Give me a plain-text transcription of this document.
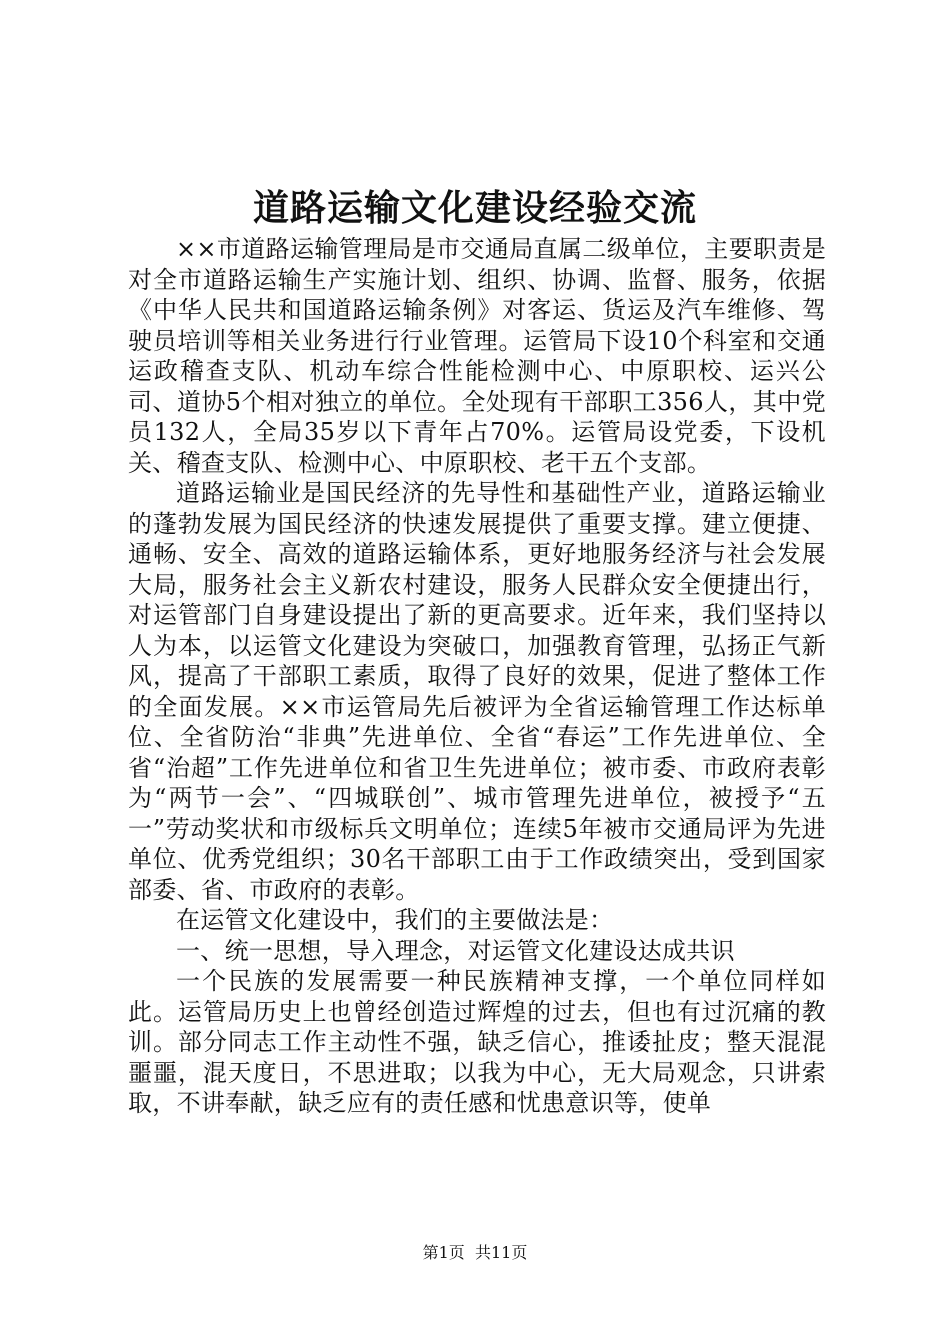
道路运输文化建设经验交流

××市道路运输管理局是市交通局直属二级单位，主要职责是对全市道路运输生产实施计划、组织、协调、监督、服务，依据《中华人民共和国道路运输条例》对客运、货运及汽车维修、驾驶员培训等相关业务进行行业管理。运管局下设10个科室和交通运政稽查支队、机动车综合性能检测中心、中原职校、运兴公司、道协5个相对独立的单位。全处现有干部职工356人，其中党员132人，全局35岁以下青年占70%。运管局设党委，下设机关、稽查支队、检测中心、中原职校、老干五个支部。

道路运输业是国民经济的先导性和基础性产业，道路运输业的蓬勃发展为国民经济的快速发展提供了重要支撑。建立便捷、通畅、安全、高效的道路运输体系，更好地服务经济与社会发展大局，服务社会主义新农村建设，服务人民群众安全便捷出行，对运管部门自身建设提出了新的更高要求。近年来，我们坚持以人为本，以运管文化建设为突破口，加强教育管理，弘扬正气新风，提高了干部职工素质，取得了良好的效果，促进了整体工作的全面发展。××市运管局先后被评为全省运输管理工作达标单位、全省防治“非典”先进单位、全省“春运”工作先进单位、全省“治超”工作先进单位和省卫生先进单位；被市委、市政府表彰为“两节一会”、“四城联创”、城市管理先进单位，被授予“五一”劳动奖状和市级标兵文明单位；连续5年被市交通局评为先进单位、优秀党组织；30名干部职工由于工作政绩突出，受到国家部委、省、市政府的表彰。

在运管文化建设中，我们的主要做法是：

一、统一思想，导入理念，对运管文化建设达成共识

一个民族的发展需要一种民族精神支撑，一个单位同样如此。运管局历史上也曾经创造过辉煌的过去，但也有过沉痛的教训。部分同志工作主动性不强，缺乏信心，推诿扯皮；整天混混噩噩，混天度日，不思进取；以我为中心，无大局观念，只讲索取，不讲奉献，缺乏应有的责任感和忧患意识等，使单

第1页 共11页
